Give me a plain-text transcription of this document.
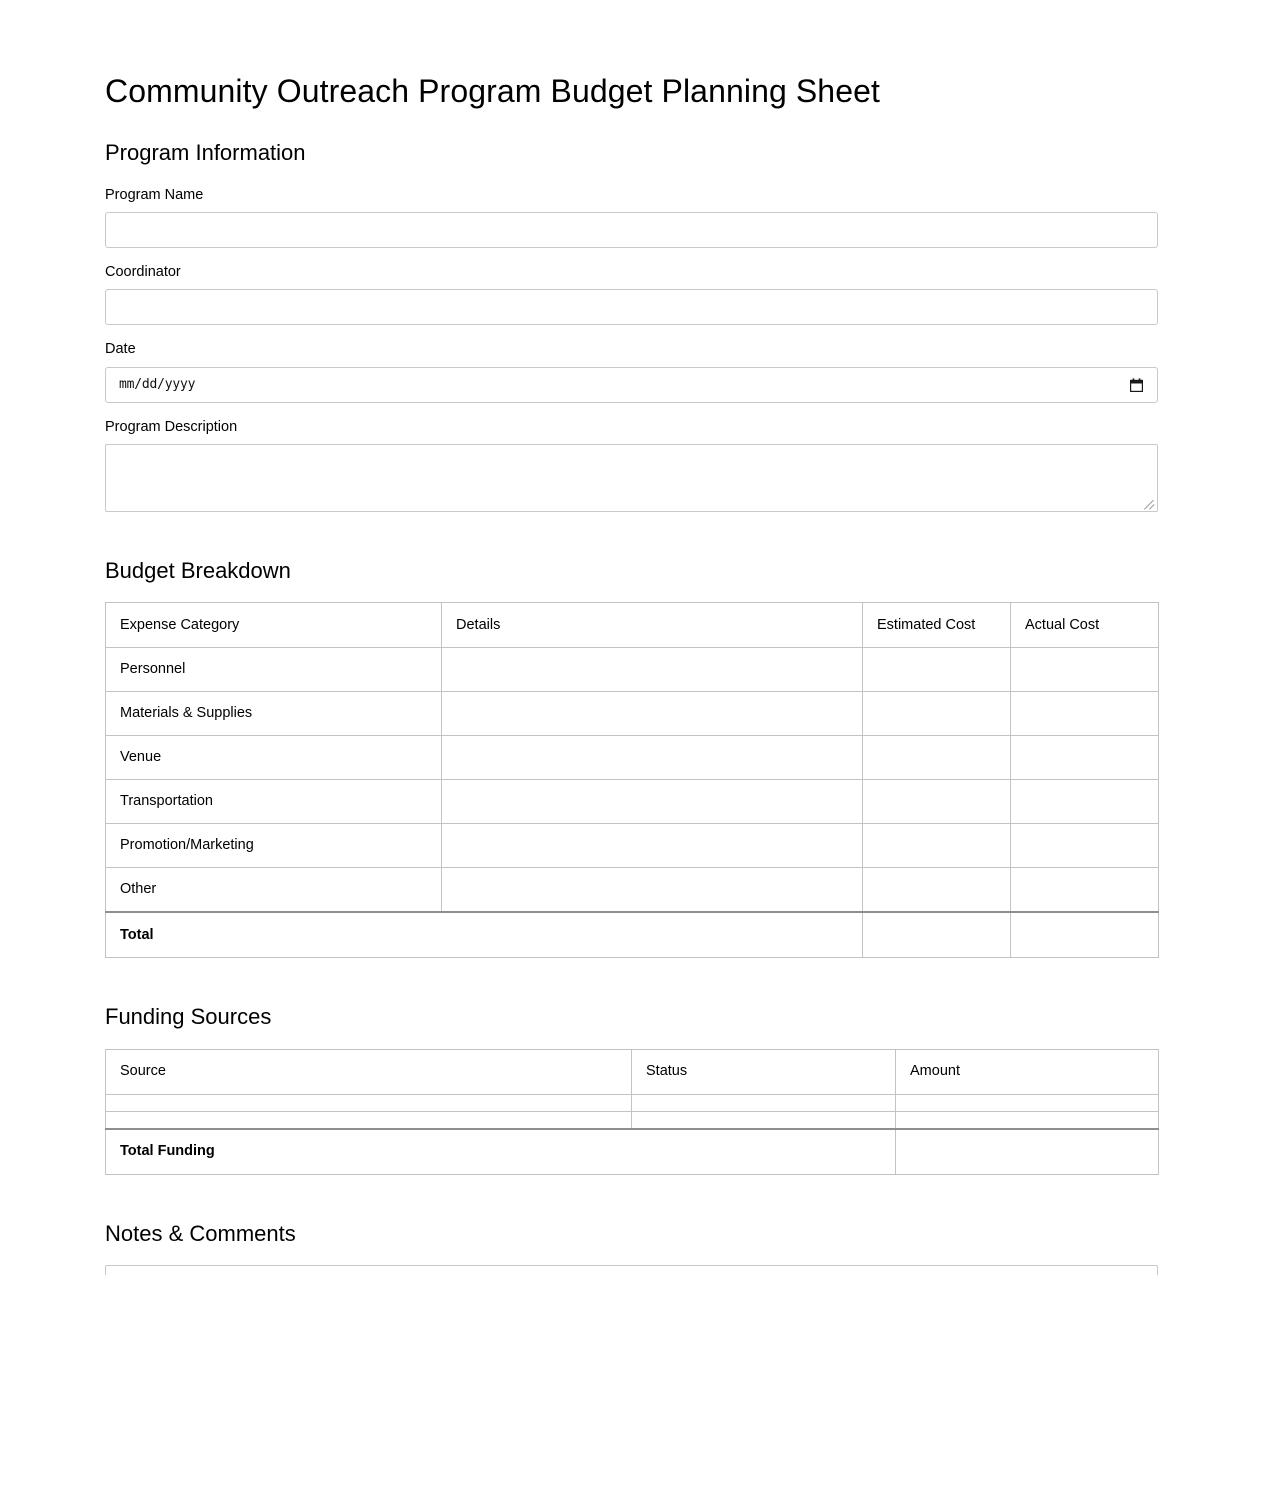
Community Outreach Program Budget Planning Sheet
Program Information
Program Name
Coordinator
Date
mm/dd/yyyy
Program Description
Budget Breakdown
Expense Category	Details	Estimated Cost	Actual Cost
Personnel			
Materials & Supplies			
Venue			
Transportation			
Promotion/Marketing			
Other			
Total			
Funding Sources
Source	Status	Amount

Total Funding		
Notes & Comments
